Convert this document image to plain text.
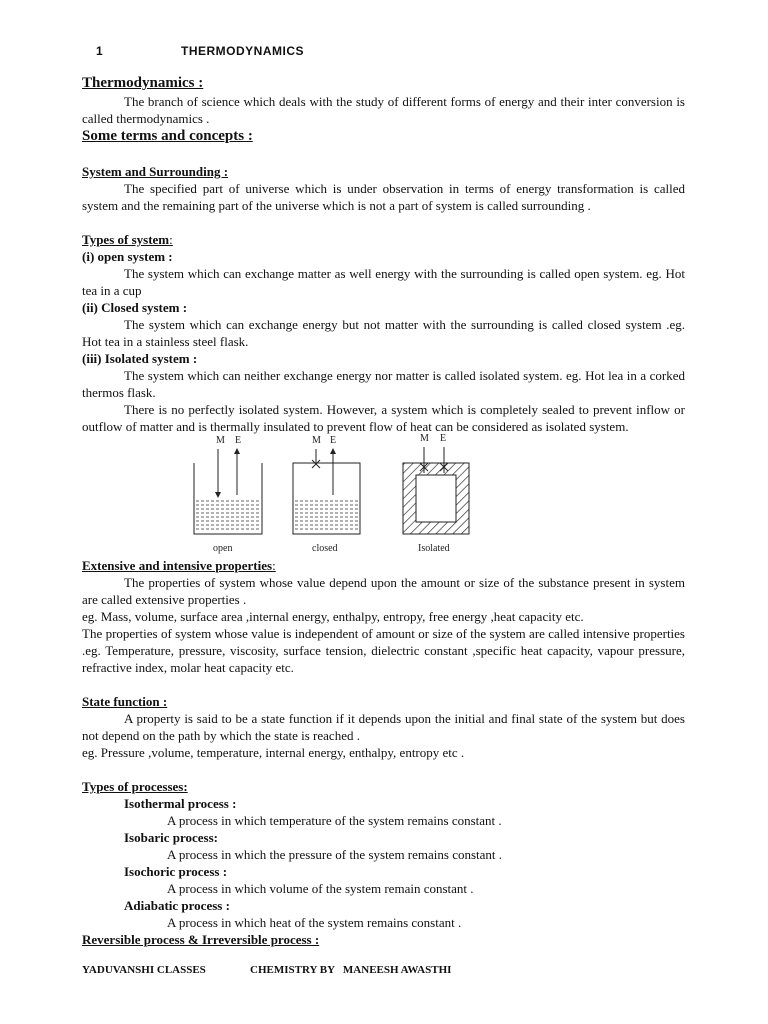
1	THERMODYNAMICS
Thermodynamics :

The branch of science which deals with the study of different forms of energy and their inter conversion is called thermodynamics .

Some terms and concepts :
System and Surrounding :

The specified part of universe which is under observation in terms of energy transformation is called system and the remaining part of the universe which is not a part of system is called surrounding .

Types of system:
(i) open system :

The system which can exchange matter as well energy with the surrounding is called open system. eg. Hot tea in a cup

(ii) Closed system :

The system which can exchange energy but not matter with the surrounding is called closed system .eg. Hot tea in a stainless steel flask.

(iii) Isolated system :

The system which can neither exchange energy nor matter is called isolated system. eg. Hot lea in a corked thermos flask.

There is no perfectly isolated system. However, a system which is completely sealed to prevent inflow or outflow of matter and is thermally insulated to prevent flow of heat can be considered as isolated system.

M E
open
M E
closed
M E
Isolated
Extensive and intensive properties:

The properties of system whose value depend upon the amount or size of the substance present in system are called extensive properties .

eg. Mass, volume, surface area ,internal energy, enthalpy, entropy, free energy ,heat capacity etc.

The properties of system whose value is independent of amount or size of the system are called intensive properties .eg. Temperature, pressure, viscosity, surface tension, dielectric constant ,specific heat capacity, vapour pressure, refractive index, molar heat capacity etc.

State function :

A property is said to be a state function if it depends upon the initial and final state of the system but does not depend on the path by which the state is reached .

eg. Pressure ,volume, temperature, internal energy, enthalpy, entropy etc .

Types of processes:
Isothermal process :
A process in which temperature of the system remains constant .
Isobaric process:
A process in which the pressure of the system remains constant .
Isochoric process :
A process in which volume of the system remain constant .
Adiabatic process :
A process in which heat of the system remains constant .
Reversible process & Irreversible process :
YADUVANSHI CLASSES	CHEMISTRY BY   MANEESH AWASTHI
